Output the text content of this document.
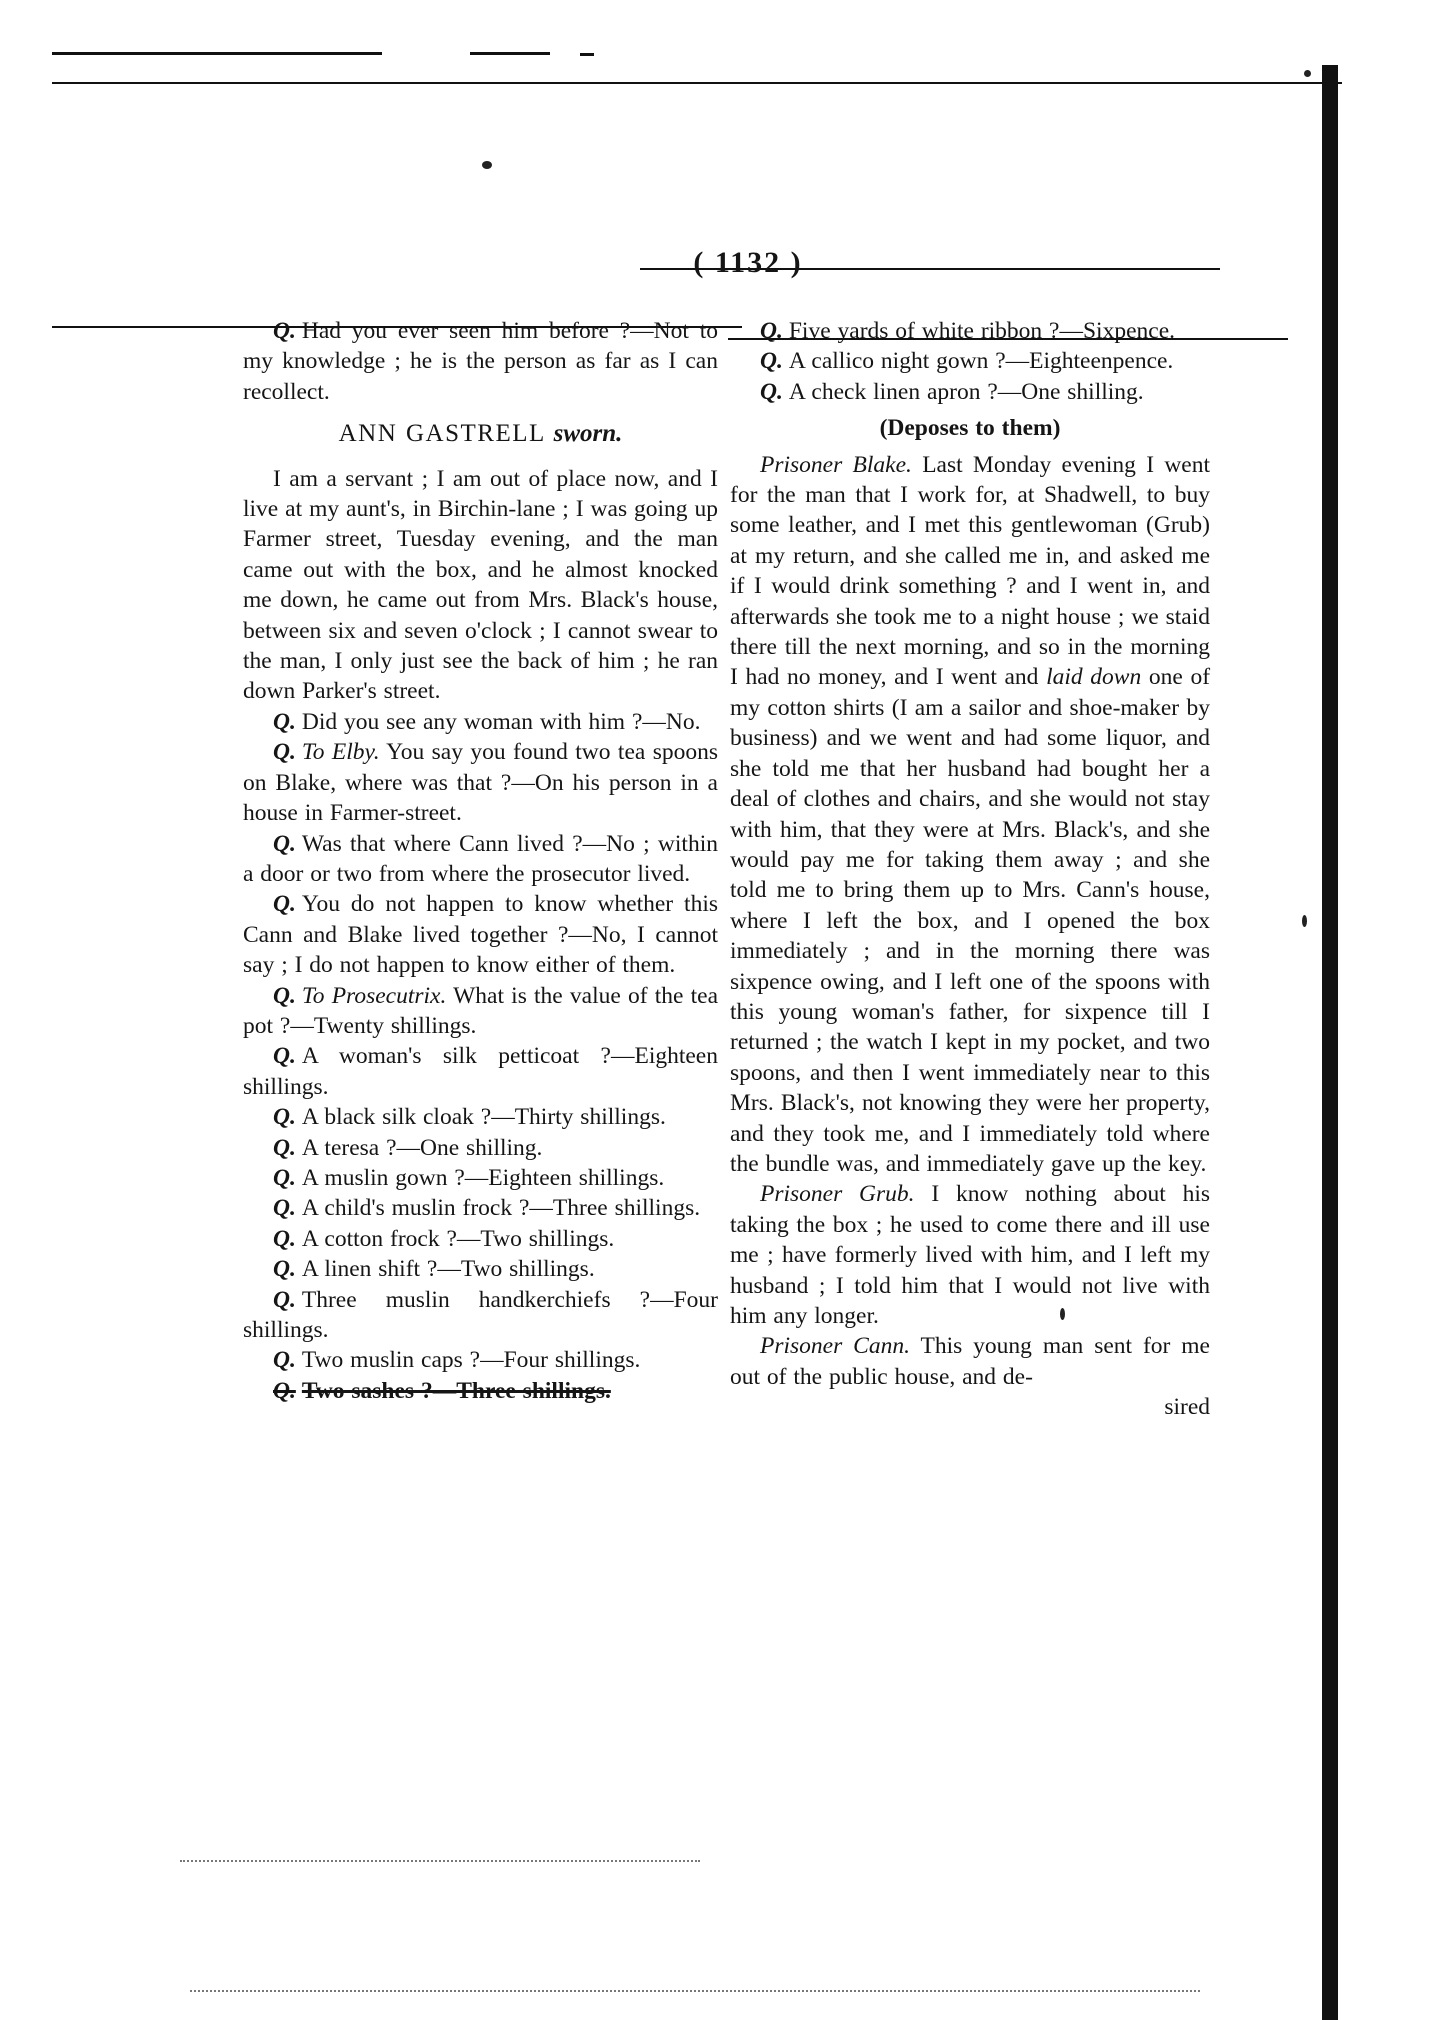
( 1132 )

Q. Had you ever seen him before ?—Not to my knowledge ; he is the person as far as I can recollect.

ANN GASTRELL sworn.

I am a servant ; I am out of place now, and I live at my aunt's, in Birchin-lane ; I was going up Farmer street, Tuesday evening, and the man came out with the box, and he almost knocked me down, he came out from Mrs. Black's house, between six and seven o'clock ; I cannot swear to the man, I only just see the back of him ; he ran down Parker's street.

Q. Did you see any woman with him ?—No.

Q. To Elby. You say you found two tea spoons on Blake, where was that ?—On his person in a house in Farmer-street.

Q. Was that where Cann lived ?—No ; within a door or two from where the prosecutor lived.

Q. You do not happen to know whether this Cann and Blake lived together ?—No, I cannot say ; I do not happen to know either of them.

Q. To Prosecutrix. What is the value of the tea pot ?—Twenty shillings.

Q. A woman's silk petticoat ?—Eighteen shillings.

Q. A black silk cloak ?—Thirty shillings.

Q. A teresa ?—One shilling.

Q. A muslin gown ?—Eighteen shillings.

Q. A child's muslin frock ?—Three shillings.

Q. A cotton frock ?—Two shillings.

Q. A linen shift ?—Two shillings.

Q. Three muslin handkerchiefs ?—Four shillings.

Q. Two muslin caps ?—Four shillings.

Q. Two sashes ?—Three shillings.

Q. Five yards of white ribbon ?—Sixpence.

Q. A callico night gown ?—Eighteenpence.

Q. A check linen apron ?—One shilling.

(Deposes to them)

Prisoner Blake. Last Monday evening I went for the man that I work for, at Shadwell, to buy some leather, and I met this gentlewoman (Grub) at my return, and she called me in, and asked me if I would drink something ? and I went in, and afterwards she took me to a night house ; we staid there till the next morning, and so in the morning I had no money, and I went and laid down one of my cotton shirts (I am a sailor and shoe-maker by business) and we went and had some liquor, and she told me that her husband had bought her a deal of clothes and chairs, and she would not stay with him, that they were at Mrs. Black's, and she would pay me for taking them away ; and she told me to bring them up to Mrs. Cann's house, where I left the box, and I opened the box immediately ; and in the morning there was sixpence owing, and I left one of the spoons with this young woman's father, for sixpence till I returned ; the watch I kept in my pocket, and two spoons, and then I went immediately near to this Mrs. Black's, not knowing they were her property, and they took me, and I immediately told where the bundle was, and immediately gave up the key.

Prisoner Grub. I know nothing about his taking the box ; he used to come there and ill use me ; have formerly lived with him, and I left my husband ; I told him that I would not live with him any longer.

Prisoner Cann. This young man sent for me out of the public house, and de-

sired
